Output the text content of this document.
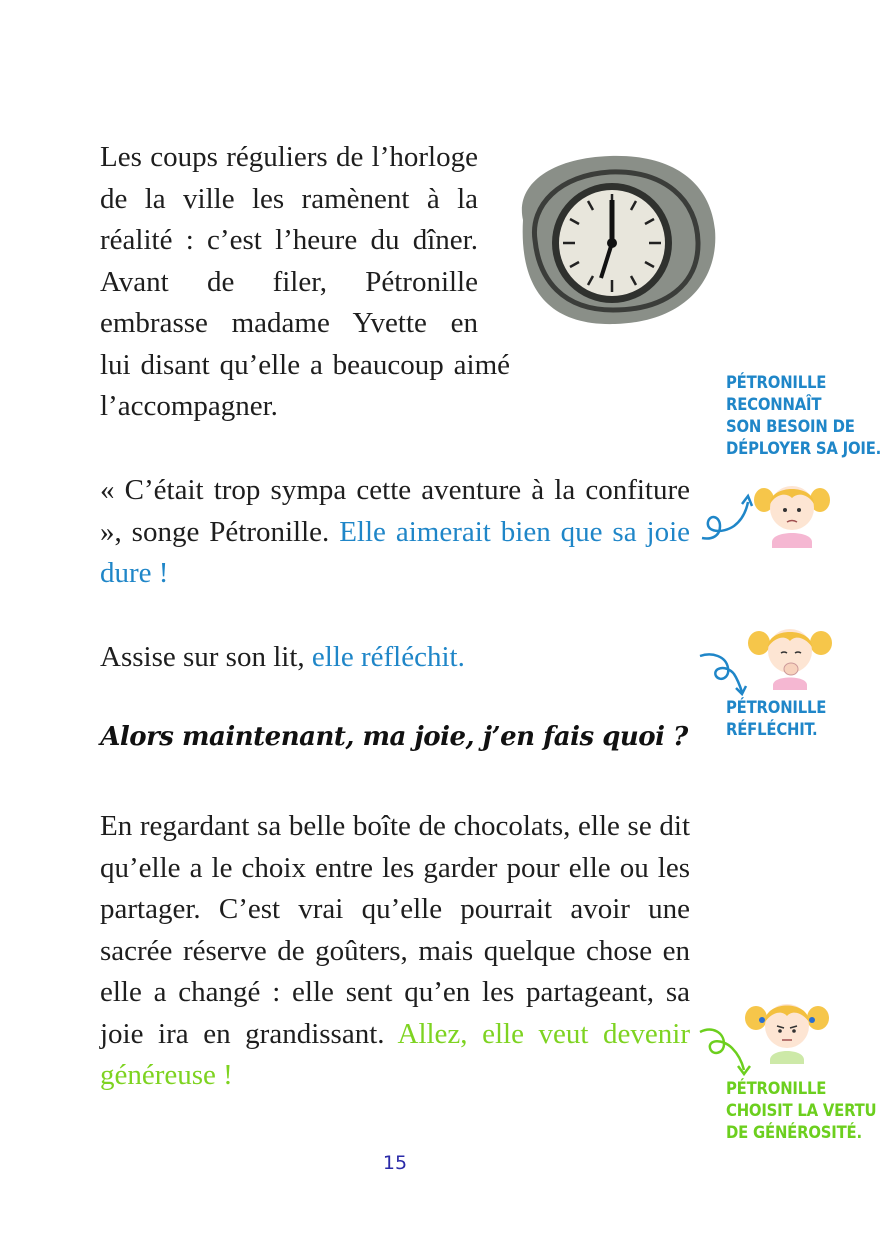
Les coups réguliers de l’horloge de la ville les ramènent à la réalité : c’est l’heure du dîner. Avant de filer, Pétronille embrasse madame Yvette en
lui disant qu’elle a beaucoup aimé l’accompagner.
« C’était trop sympa cette aventure à la confiture », songe Pétronille. Elle aimerait bien que sa joie dure !
Assise sur son lit, elle réfléchit.
Alors maintenant, ma joie, j’en fais quoi ?
En regardant sa belle boîte de chocolats, elle se dit qu’elle a le choix entre les garder pour elle ou les partager. C’est vrai qu’elle pourrait avoir une sacrée réserve de goûters, mais quelque chose en elle a changé : elle sent qu’en les partageant, sa joie ira en grandissant. Allez, elle veut devenir généreuse !
PÉTRONILLE
RECONNAÎT
SON BESOIN DE
DÉPLOYER SA JOIE.
PÉTRONILLE
RÉFLÉCHIT.
PÉTRONILLE
CHOISIT LA VERTU
DE GÉNÉROSITÉ.
15
